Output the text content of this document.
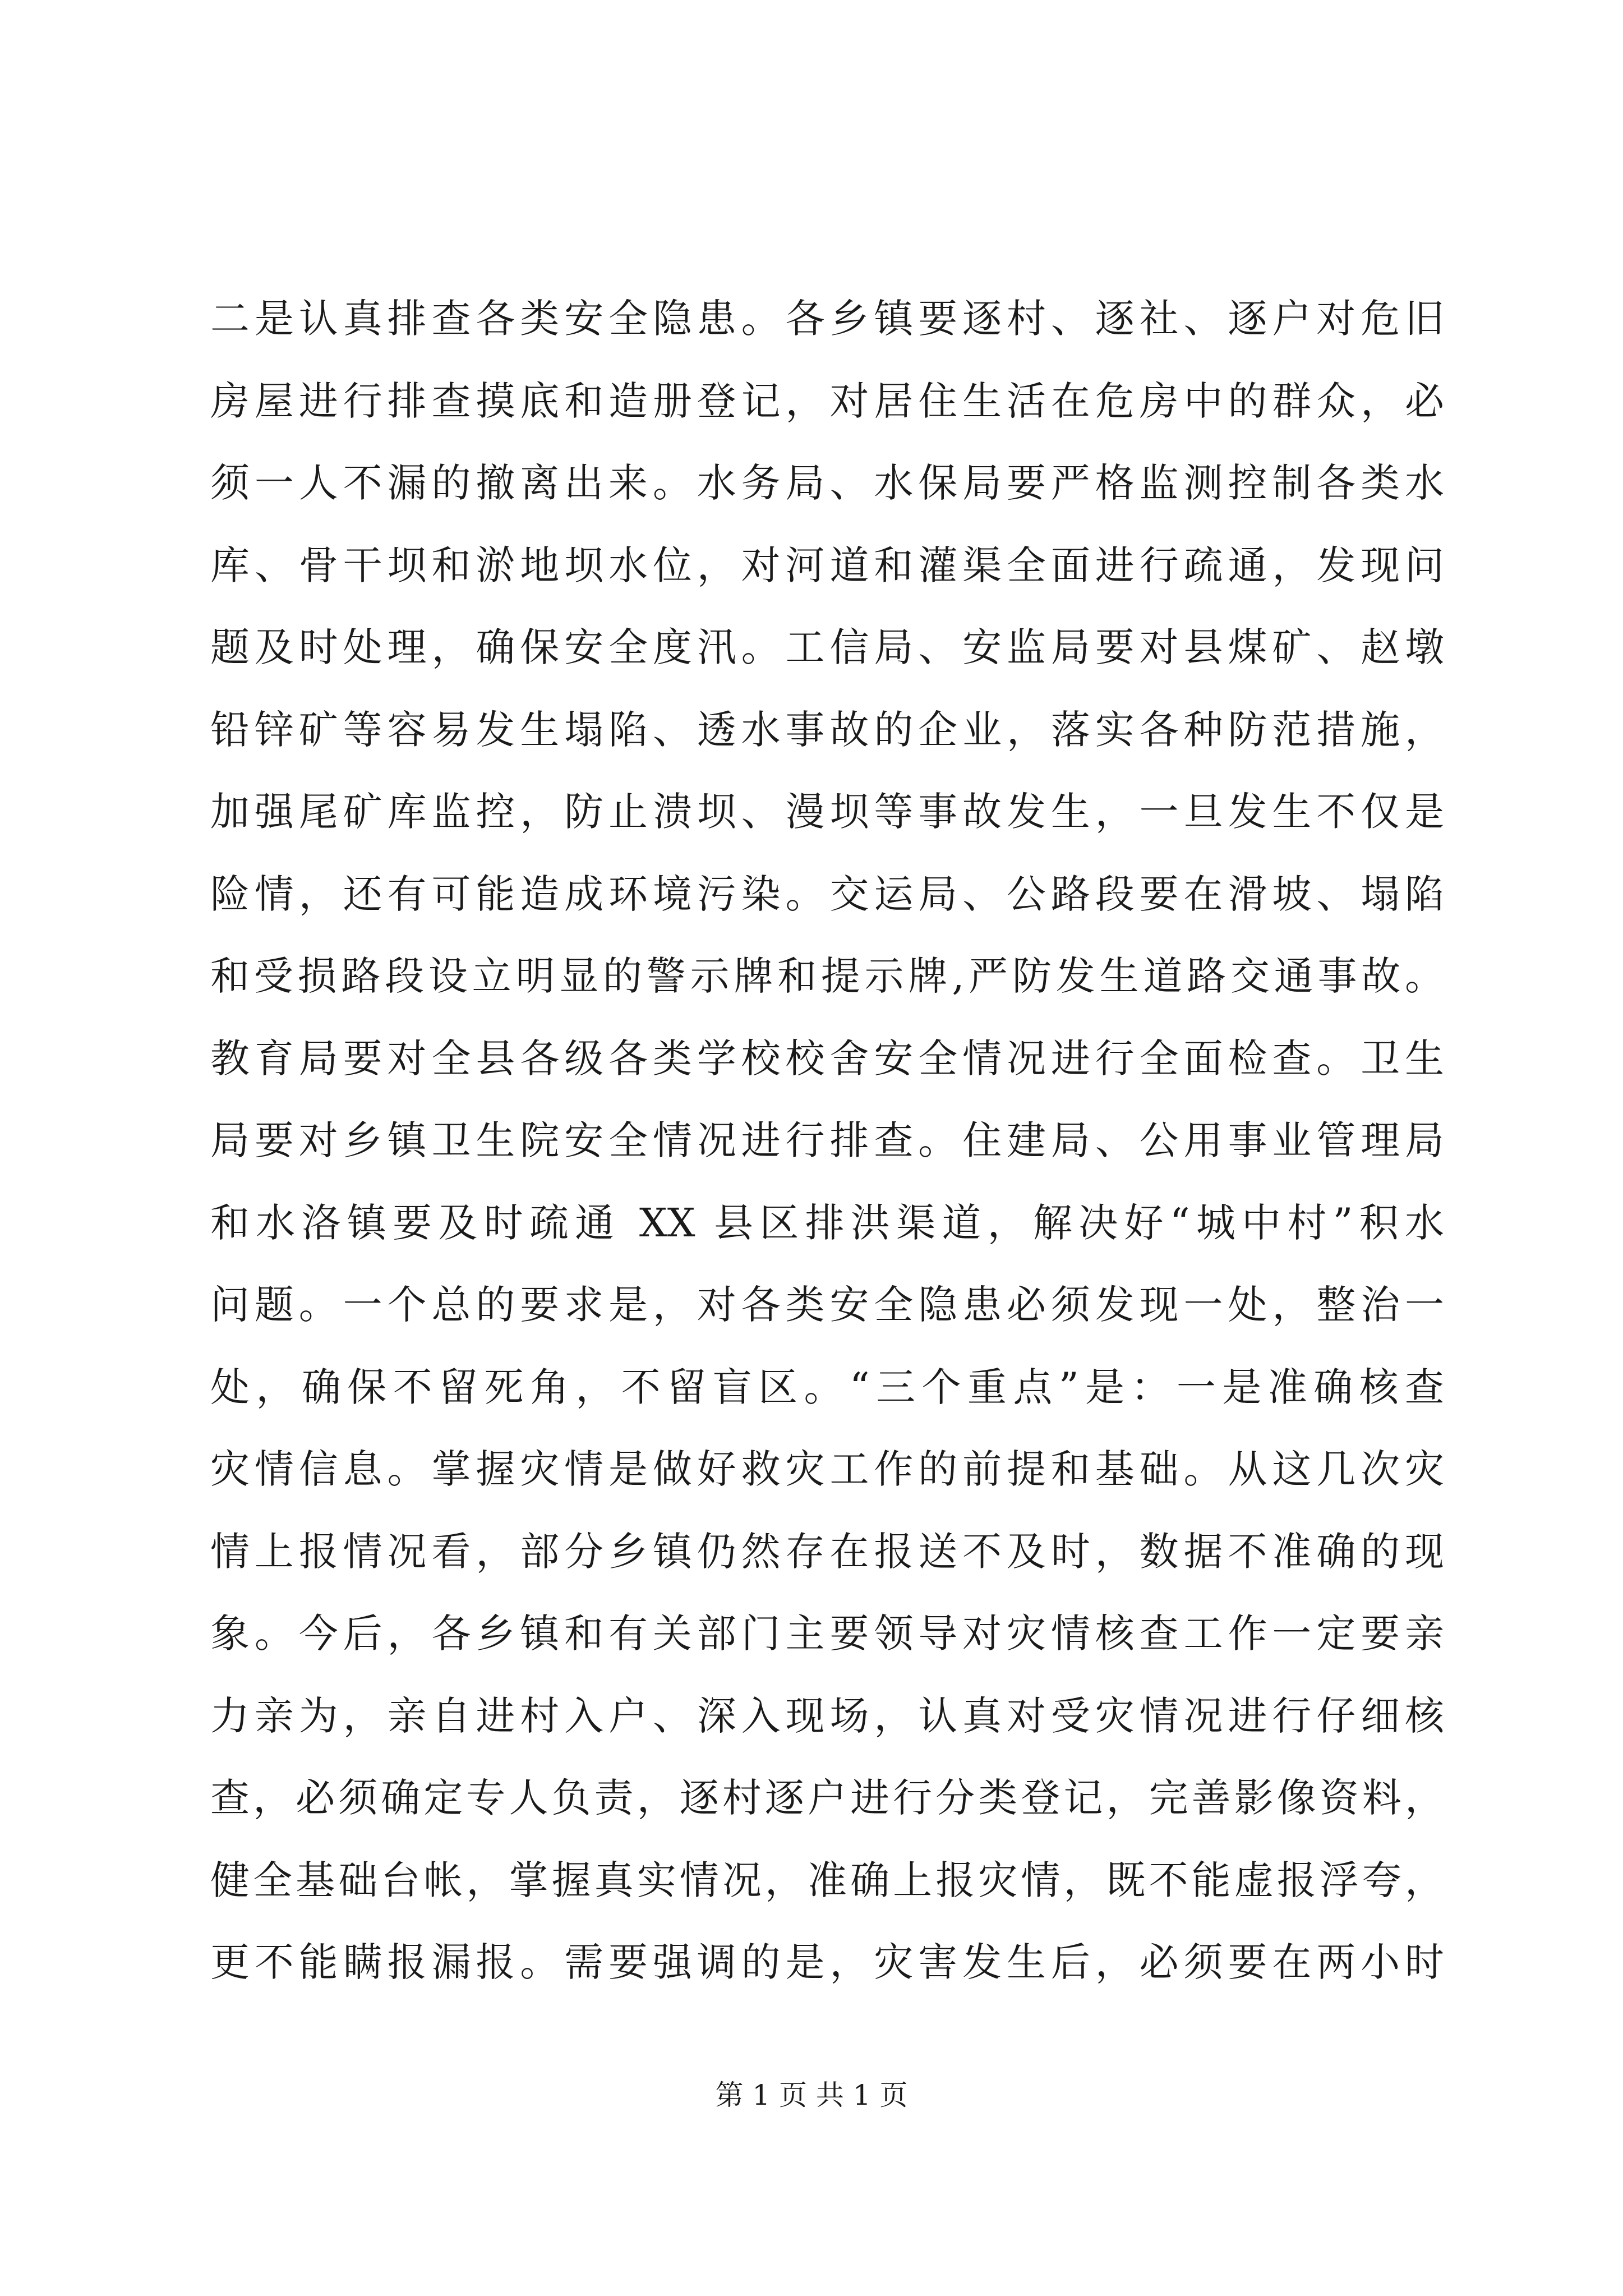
二是认真排查各类安全隐患。各乡镇要逐村、逐社、逐户对危旧
房屋进行排查摸底和造册登记，对居住生活在危房中的群众，必
须一人不漏的撤离出来。水务局、水保局要严格监测控制各类水
库、骨干坝和淤地坝水位，对河道和灌渠全面进行疏通，发现问
题及时处理，确保安全度汛。工信局、安监局要对县煤矿、赵墩
铅锌矿等容易发生塌陷、透水事故的企业，落实各种防范措施，
加强尾矿库监控，防止溃坝、漫坝等事故发生，一旦发生不仅是
险情，还有可能造成环境污染。交运局、公路段要在滑坡、塌陷
和受损路段设立明显的警示牌和提示牌,严防发生道路交通事故。
教育局要对全县各级各类学校校舍安全情况进行全面检查。卫生
局要对乡镇卫生院安全情况进行排查。住建局、公用事业管理局
和水洛镇要及时疏通 XX 县区排洪渠道，解决好“城中村”积水
问题。一个总的要求是，对各类安全隐患必须发现一处，整治一
处，确保不留死角，不留盲区。“三个重点”是：一是准确核查
灾情信息。掌握灾情是做好救灾工作的前提和基础。从这几次灾
情上报情况看，部分乡镇仍然存在报送不及时，数据不准确的现
象。今后，各乡镇和有关部门主要领导对灾情核查工作一定要亲
力亲为，亲自进村入户、深入现场，认真对受灾情况进行仔细核
查，必须确定专人负责，逐村逐户进行分类登记，完善影像资料，
健全基础台帐，掌握真实情况，准确上报灾情，既不能虚报浮夸，
更不能瞒报漏报。需要强调的是，灾害发生后，必须要在两小时
第 1 页 共 1 页
